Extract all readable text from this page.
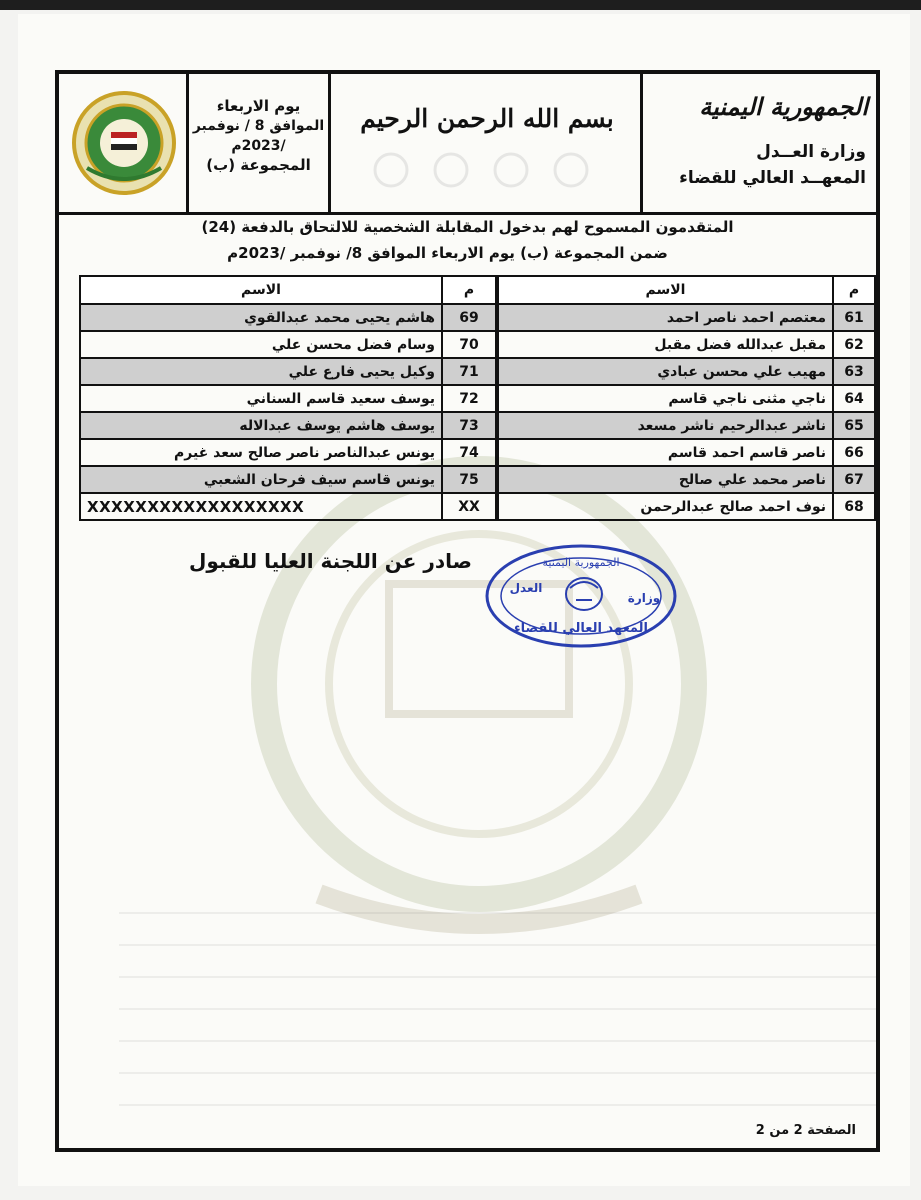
يوم الاربعاء
الموافق 8 / نوفمبر
/2023م
المجموعة (ب)
بسم الله الرحمن الرحيم	الجمهورية اليمنية
وزارة العــدل
المعهــد العالي للقضاء
المتقدمون المسموح لهم بدخول المقابلة الشخصية للالتحاق بالدفعة (24)
ضمن المجموعة (ب) يوم الاربعاء الموافق 8/ نوفمبر /2023م
م	الاسم
61	معتصم احمد ناصر احمد
62	مقبل عبدالله فضل مقبل
63	مهيب علي محسن عبادي
64	ناجي مثنى ناجي قاسم
65	ناشر عبدالرحيم ناشر مسعد
66	ناصر قاسم احمد قاسم
67	ناصر محمد علي صالح
68	نوف احمد صالح عبدالرحمن
م	الاسم
69	هاشم يحيى محمد عبدالقوي
70	وسام فضل محسن علي
71	وكيل يحيى فارع علي
72	يوسف سعيد قاسم السناني
73	يوسف هاشم يوسف عبدالاله
74	يونس عبدالناصر ناصر صالح سعد غيرم
75	يونس قاسم سيف فرحان الشعبي
XX	XXXXXXXXXXXXXXXXXX
صادر عن اللجنة العليا للقبول	الجمهورية اليمنية
وزارة
العدل
المعهد العالي للقضاء
الصفحة 2 من 2
